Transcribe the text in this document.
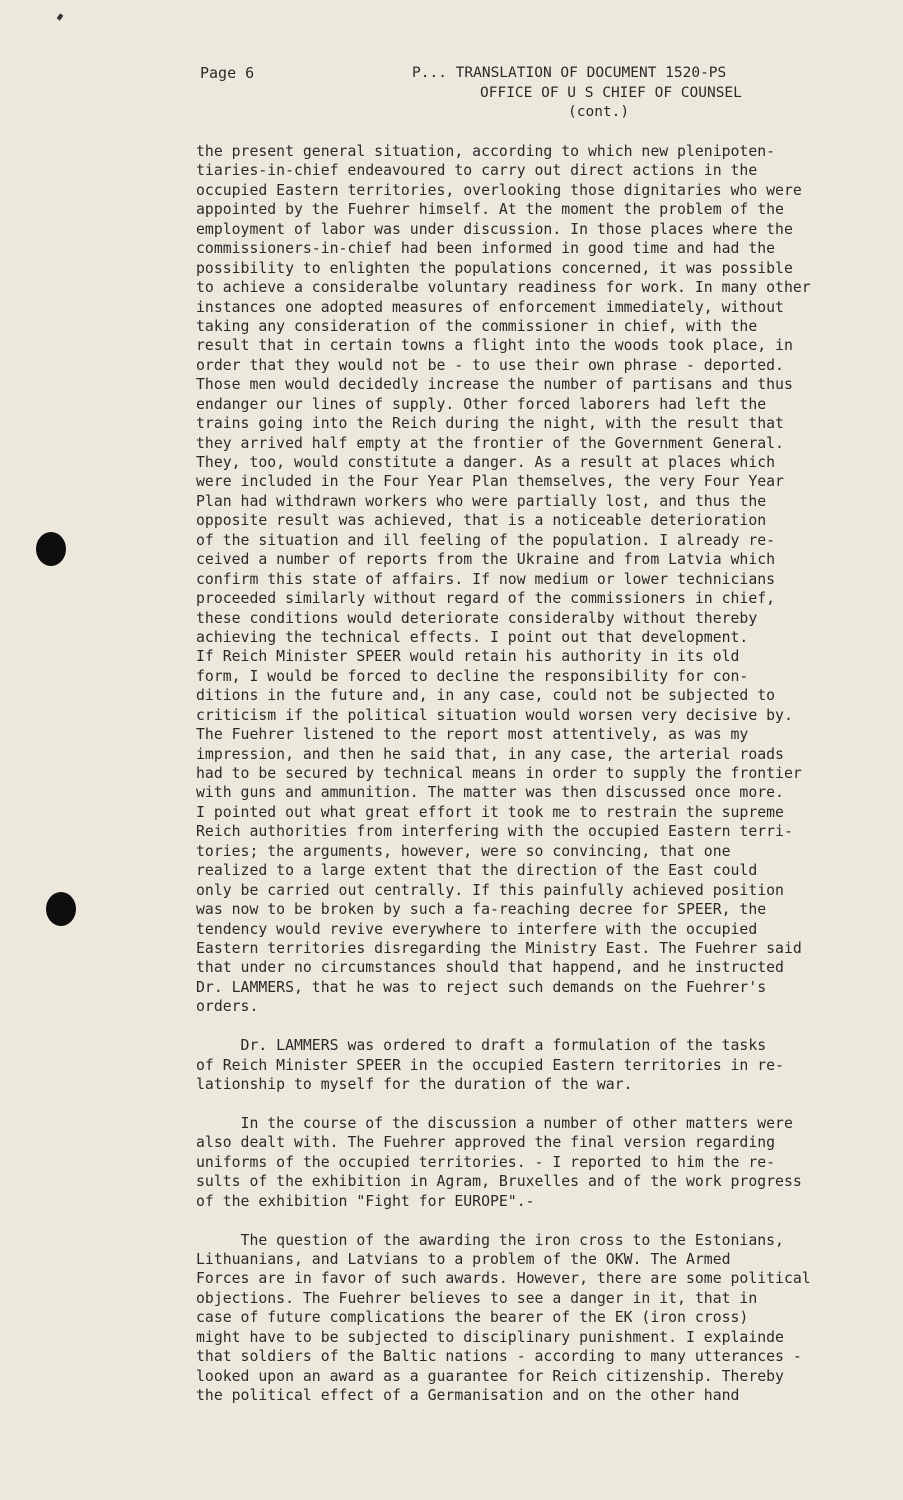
Page 6	P... TRANSLATION OF DOCUMENT 1520-PS
OFFICE OF U S CHIEF OF COUNSEL
(cont.)
the present general situation, according to which new plenipoten-
tiaries-in-chief endeavoured to carry out direct actions in the
occupied Eastern territories, overlooking those dignitaries who were
appointed by the Fuehrer himself. At the moment the problem of the
employment of labor was under discussion. In those places where the
commissioners-in-chief had been informed in good time and had the
possibility to enlighten the populations concerned, it was possible
to achieve a consideralbe voluntary readiness for work. In many other
instances one adopted measures of enforcement immediately, without
taking any consideration of the commissioner in chief, with the
result that in certain towns a flight into the woods took place, in
order that they would not be - to use their own phrase - deported.
Those men would decidedly increase the number of partisans and thus
endanger our lines of supply. Other forced laborers had left the
trains going into the Reich during the night, with the result that
they arrived half empty at the frontier of the Government General.
They, too, would constitute a danger. As a result at places which
were included in the Four Year Plan themselves, the very Four Year
Plan had withdrawn workers who were partially lost, and thus the
opposite result was achieved, that is a noticeable deterioration
of the situation and ill feeling of the population. I already re-
ceived a number of reports from the Ukraine and from Latvia which
confirm this state of affairs. If now medium or lower technicians
proceeded similarly without regard of the commissioners in chief,
these conditions would deteriorate consideralby without thereby
achieving the technical effects. I point out that development.
If Reich Minister SPEER would retain his authority in its old
form, I would be forced to decline the responsibility for con-
ditions in the future and, in any case, could not be subjected to
criticism if the political situation would worsen very decisive by.
The Fuehrer listened to the report most attentively, as was my
impression, and then he said that, in any case, the arterial roads
had to be secured by technical means in order to supply the frontier
with guns and ammunition. The matter was then discussed once more.
I pointed out what great effort it took me to restrain the supreme
Reich authorities from interfering with the occupied Eastern terri-
tories; the arguments, however, were so convincing, that one
realized to a large extent that the direction of the East could
only be carried out centrally. If this painfully achieved position
was now to be broken by such a fa-reaching decree for SPEER, the
tendency would revive everywhere to interfere with the occupied
Eastern territories disregarding the Ministry East. The Fuehrer said
that under no circumstances should that happend, and he instructed
Dr. LAMMERS, that he was to reject such demands on the Fuehrer's
orders.
Dr. LAMMERS was ordered to draft a formulation of the tasks
of Reich Minister SPEER in the occupied Eastern territories in re-
lationship to myself for the duration of the war.
In the course of the discussion a number of other matters were
also dealt with. The Fuehrer approved the final version regarding
uniforms of the occupied territories. - I reported to him the re-
sults of the exhibition in Agram, Bruxelles and of the work progress
of the exhibition "Fight for EUROPE".-
The question of the awarding the iron cross to the Estonians,
Lithuanians, and Latvians to a problem of the OKW. The Armed
Forces are in favor of such awards. However, there are some political
objections. The Fuehrer believes to see a danger in it, that in
case of future complications the bearer of the EK (iron cross)
might have to be subjected to disciplinary punishment. I explainde
that soldiers of the Baltic nations - according to many utterances -
looked upon an award as a guarantee for Reich citizenship. Thereby
the political effect of a Germanisation and on the other hand
